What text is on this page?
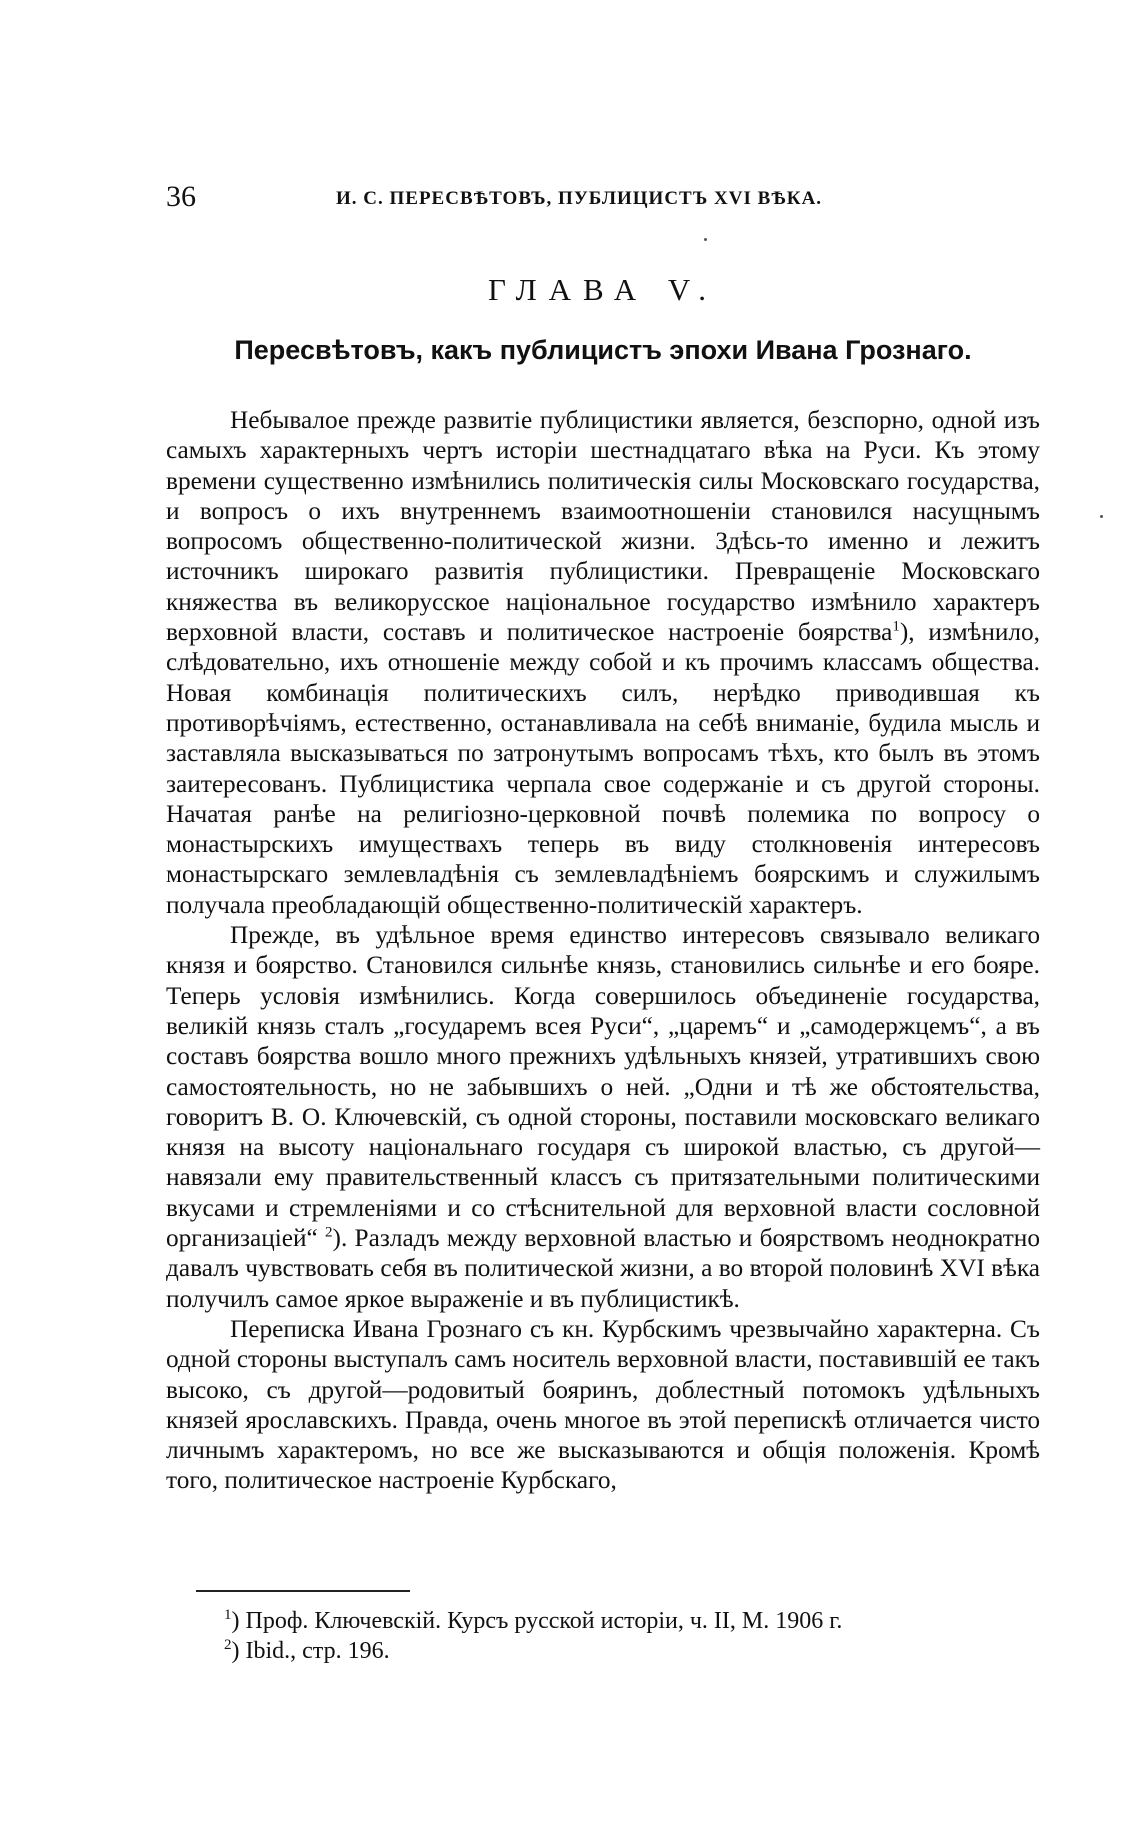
36	И. С. ПЕРЕСВѢТОВЪ, ПУБЛИЦИСТЪ XVI ВѢКА.
ГЛАВА V.
Пересвѣтовъ, какъ публицистъ эпохи Ивана Грознаго.

Небывалое прежде развитіе публицистики является, безспорно, одной изъ самыхъ характерныхъ чертъ исторіи шестнадцатаго вѣка на Руси. Къ этому времени существенно измѣнились политическія силы Московскаго государства, и вопросъ о ихъ внутреннемъ взаимоотношеніи становился насущнымъ вопросомъ общественно-политической жизни. Здѣсь-то именно и лежитъ источникъ широкаго развитія публицистики. Превращеніе Московскаго княжества въ великорусское національное государство измѣнило характеръ верховной власти, составъ и политическое настроеніе боярства$^1$), измѣнило, слѣдовательно, ихъ отношеніе между собой и къ прочимъ классамъ общества. Новая комбинація политическихъ силъ, нерѣдко приводившая къ противорѣчіямъ, естественно, останавливала на себѣ вниманіе, будила мысль и заставляла высказываться по затронутымъ вопросамъ тѣхъ, кто былъ въ этомъ заитересованъ. Публицистика черпала свое содержаніе и съ другой стороны. Начатая ранѣе на религіозно-церковной почвѣ полемика по вопросу о монастырскихъ имуществахъ теперь въ виду столкновенія интересовъ монастырскаго землевладѣнія съ землевладѣніемъ боярскимъ и служилымъ получала преобладающій общественно-политическій характеръ.

Прежде, въ удѣльное время единство интересовъ связывало великаго князя и боярство. Становился сильнѣе князь, становились сильнѣе и его бояре. Теперь условія измѣнились. Когда совершилось объединеніе государства, великій князь сталъ „государемъ всея Руси“, „царемъ“ и „самодержцемъ“, а въ составъ боярства вошло много прежнихъ удѣльныхъ князей, утратившихъ свою самостоятельность, но не забывшихъ о ней. „Одни и тѣ же обстоятельства, говоритъ В. О. Ключевскій, съ одной стороны, поставили московскаго великаго князя на высоту національнаго государя съ широкой властью, съ другой—навязали ему правительственный классъ съ притязательными политическими вкусами и стремленіями и со стѣснительной для верховной власти сословной организаціей“ $^2$). Разладъ между верховной властью и боярствомъ неоднократно давалъ чувствовать себя въ политической жизни, а во второй половинѣ XVI вѣка получилъ самое яркое выраженіе и въ публицистикѣ.

Переписка Ивана Грознаго съ кн. Курбскимъ чрезвычайно характерна. Съ одной стороны выступалъ самъ носитель верховной власти, поставившій ее такъ высоко, съ другой—родовитый бояринъ, доблестный потомокъ удѣльныхъ князей ярославскихъ. Правда, очень многое въ этой перепискѣ отличается чисто личнымъ характеромъ, но все же высказываются и общія положенія. Кромѣ того, политическое настроеніе Курбскаго,

$^1$) Проф. Ключевскій. Курсъ русской исторіи, ч. II, М. 1906 г.
$^2$) Ibid., стр. 196.
